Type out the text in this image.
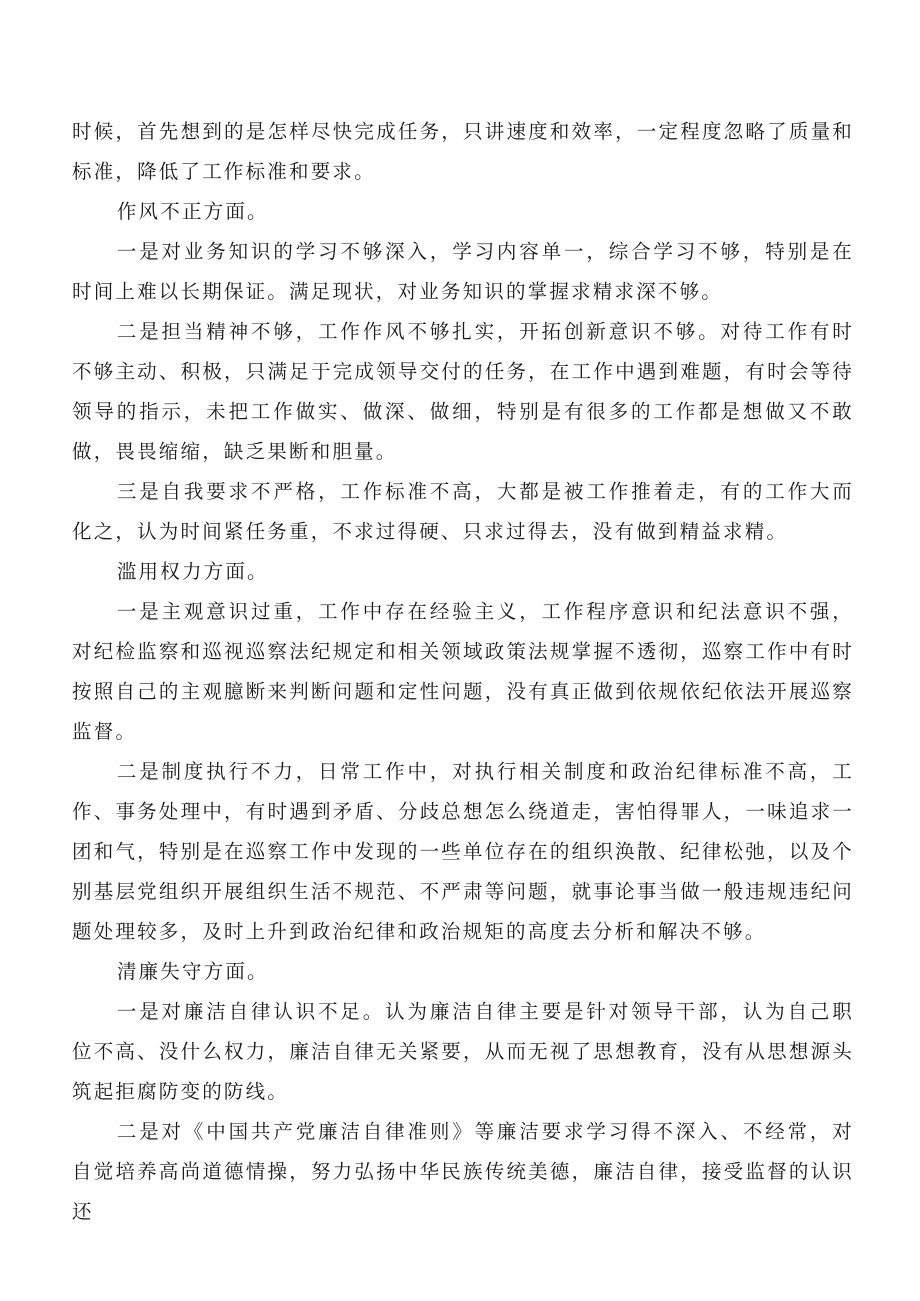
时候，首先想到的是怎样尽快完成任务，只讲速度和效率，一定程度忽略了质量和标准，降低了工作标准和要求。

作风不正方面。

一是对业务知识的学习不够深入，学习内容单一，综合学习不够，特别是在时间上难以长期保证。满足现状，对业务知识的掌握求精求深不够。

二是担当精神不够，工作作风不够扎实，开拓创新意识不够。对待工作有时不够主动、积极，只满足于完成领导交付的任务，在工作中遇到难题，有时会等待领导的指示，未把工作做实、做深、做细，特别是有很多的工作都是想做又不敢做，畏畏缩缩，缺乏果断和胆量。

三是自我要求不严格，工作标准不高，大都是被工作推着走，有的工作大而化之，认为时间紧任务重，不求过得硬、只求过得去，没有做到精益求精。

滥用权力方面。

一是主观意识过重，工作中存在经验主义，工作程序意识和纪法意识不强，对纪检监察和巡视巡察法纪规定和相关领域政策法规掌握不透彻，巡察工作中有时按照自己的主观臆断来判断问题和定性问题，没有真正做到依规依纪依法开展巡察监督。

二是制度执行不力，日常工作中，对执行相关制度和政治纪律标准不高，工作、事务处理中，有时遇到矛盾、分歧总想怎么绕道走，害怕得罪人，一味追求一团和气，特别是在巡察工作中发现的一些单位存在的组织涣散、纪律松弛，以及个别基层党组织开展组织生活不规范、不严肃等问题，就事论事当做一般违规违纪问题处理较多，及时上升到政治纪律和政治规矩的高度去分析和解决不够。

清廉失守方面。

一是对廉洁自律认识不足。认为廉洁自律主要是针对领导干部，认为自己职位不高、没什么权力，廉洁自律无关紧要，从而无视了思想教育，没有从思想源头筑起拒腐防变的防线。

二是对《中国共产党廉洁自律准则》等廉洁要求学习得不深入、不经常，对自觉培养高尚道德情操，努力弘扬中华民族传统美德，廉洁自律，接受监督的认识还
